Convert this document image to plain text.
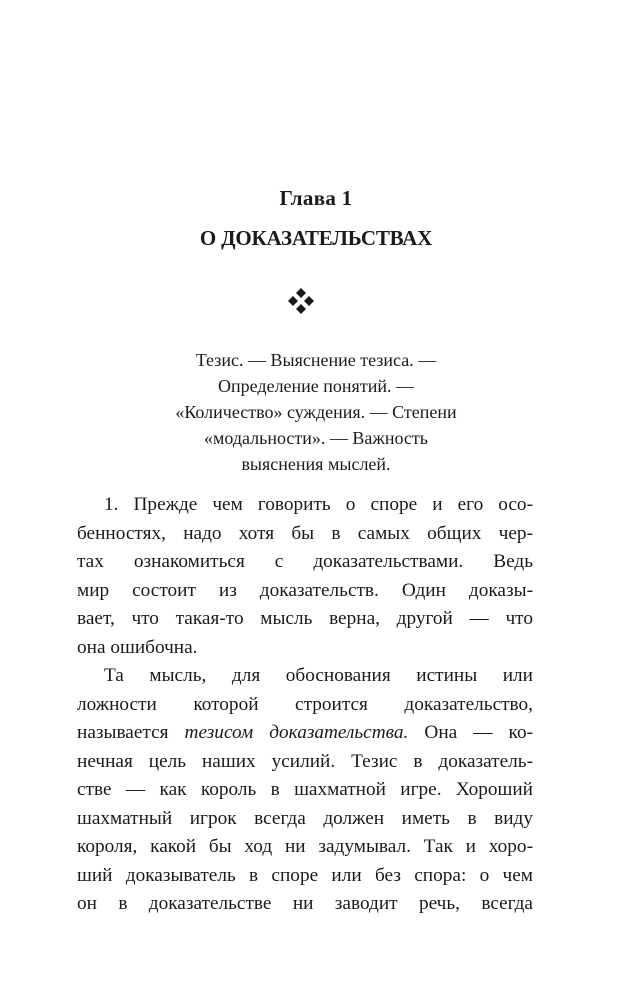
Глава 1
О ДОКАЗАТЕЛЬСТВАХ
Тезис. — Выяснение тезиса. —
Определение понятий. —
«Количество» суждения. — Степени
«модальности». — Важность
выяснения мыслей.
1. Прежде чем говорить о споре и его осо-
бенностях, надо хотя бы в самых общих чер-
тах ознакомиться с доказательствами. Ведь
мир состоит из доказательств. Один доказы-
вает, что такая-то мысль верна, другой — что
она ошибочна.
Та мысль, для обоснования истины или
ложности которой строится доказательство,
называется тезисом доказательства. Она — ко-
нечная цель наших усилий. Тезис в доказатель-
стве — как король в шахматной игре. Хороший
шахматный игрок всегда должен иметь в виду
короля, какой бы ход ни задумывал. Так и хоро-
ший доказыватель в споре или без спора: о чем
он в доказательстве ни заводит речь, всегда
